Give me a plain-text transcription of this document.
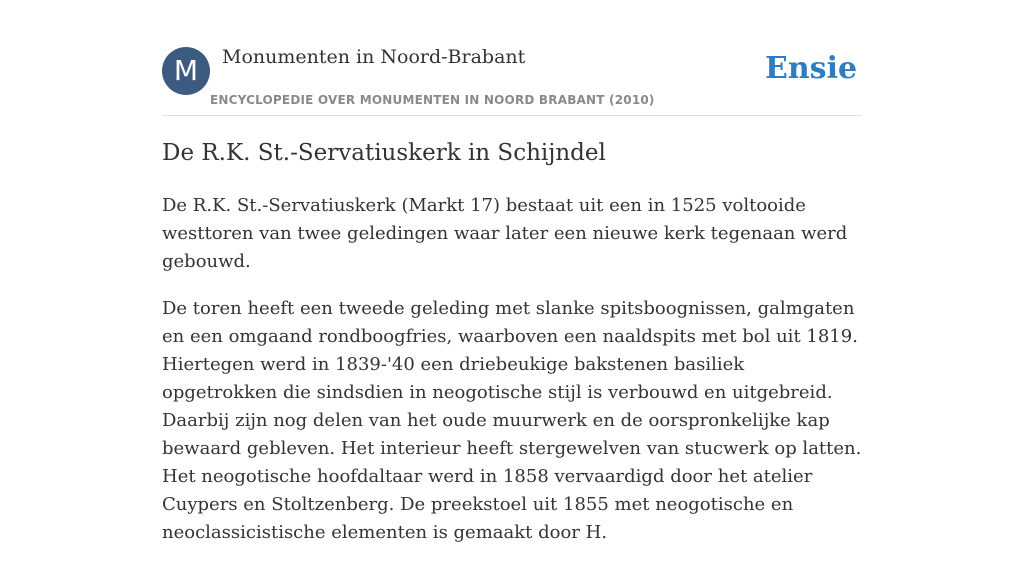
M	Monumenten in Noord-Brabant	Ensie
ENCYCLOPEDIE OVER MONUMENTEN IN NOORD BRABANT (2010)
De R.K. St.-Servatiuskerk in Schijndel

De R.K. St.-Servatiuskerk (Markt 17) bestaat uit een in 1525 voltooide westtoren van twee geledingen waar later een nieuwe kerk tegenaan werd gebouwd.

De toren heeft een tweede geleding met slanke spitsboognissen, galmgaten en een omgaand rondboogfries, waarboven een naaldspits met bol uit 1819. Hiertegen werd in 1839-'40 een driebeukige bakstenen basiliek opgetrokken die sindsdien in neogotische stijl is verbouwd en uitgebreid. Daarbij zijn nog delen van het oude muurwerk en de oorspronkelijke kap bewaard gebleven. Het interieur heeft stergewelven van stucwerk op latten. Het neogotische hoofdaltaar werd in 1858 vervaardigd door het atelier Cuypers en Stoltzenberg. De preekstoel uit 1855 met neogotische en neoclassicistische elementen is gemaakt door H.
